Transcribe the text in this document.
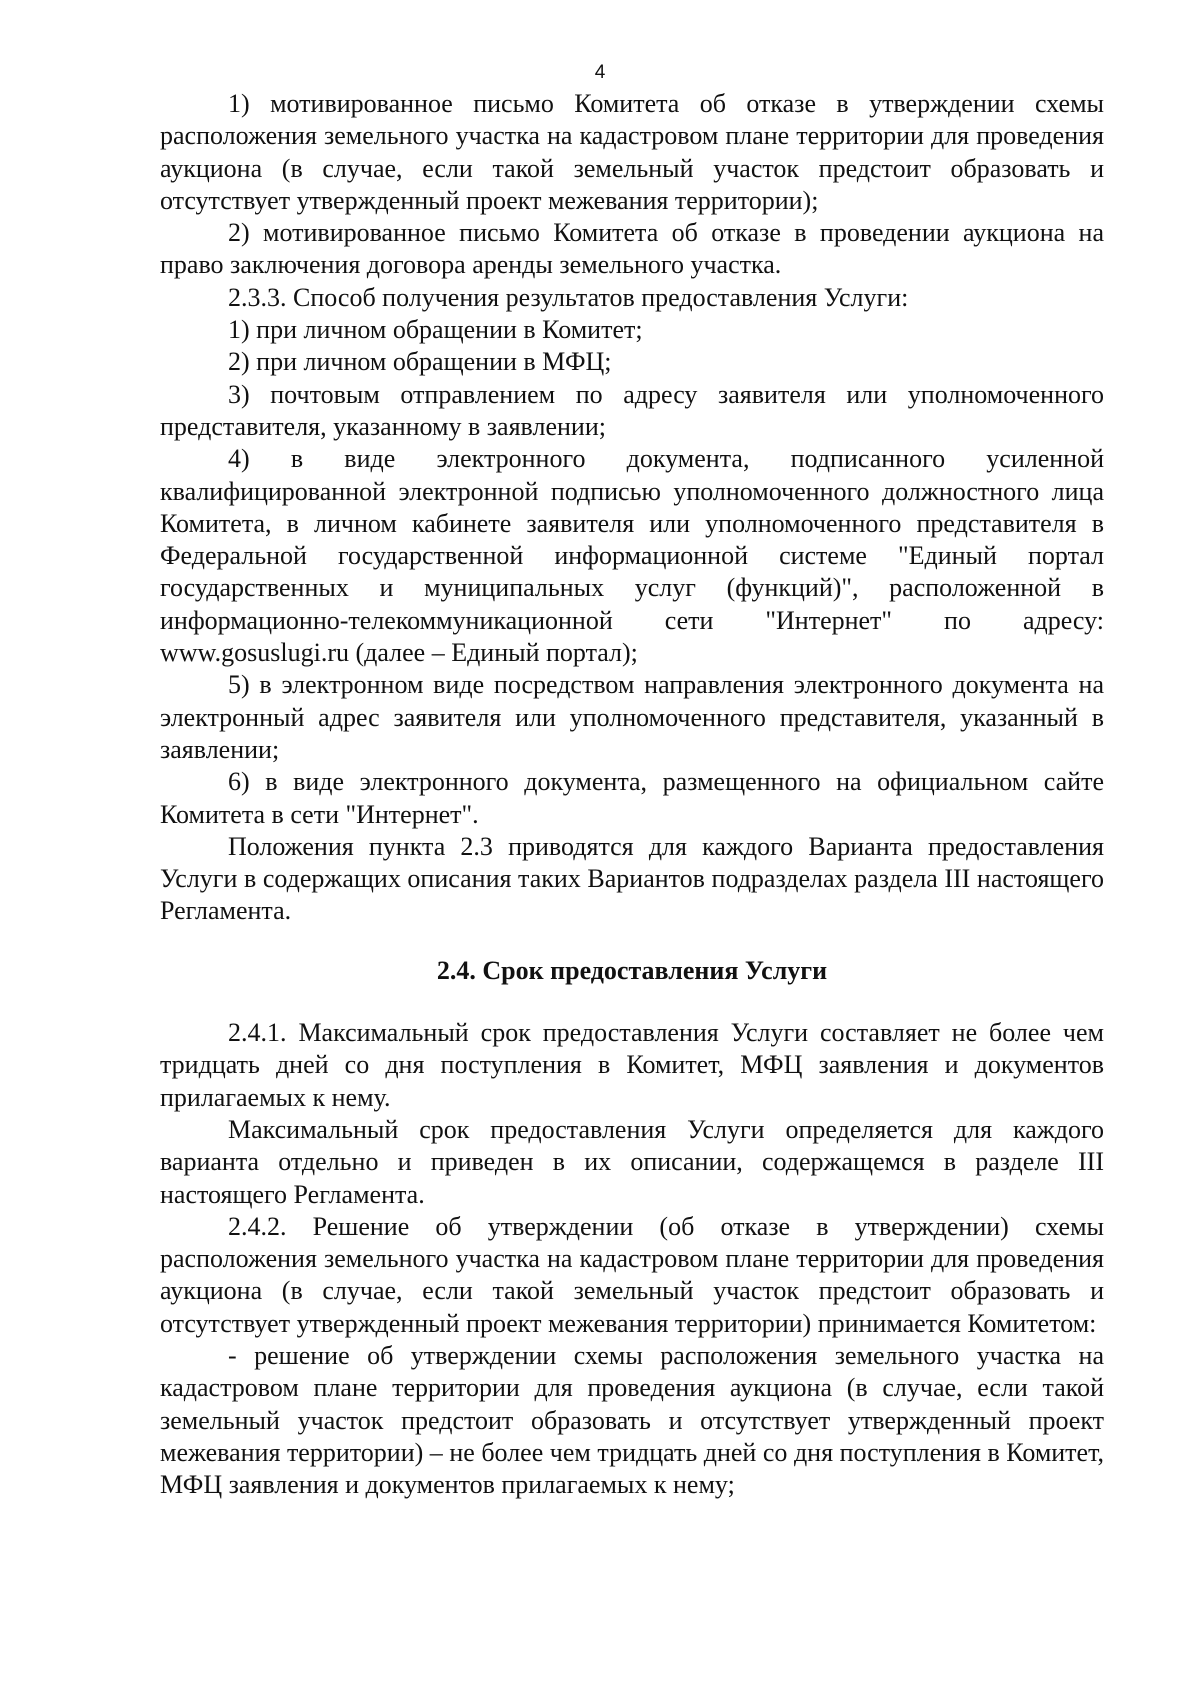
4

1) мотивированное письмо Комитета об отказе в утверждении схемы расположения земельного участка на кадастровом плане территории для проведения аукциона (в случае, если такой земельный участок предстоит образовать и отсутствует утвержденный проект межевания территории);

2) мотивированное письмо Комитета об отказе в проведении аукциона на право заключения договора аренды земельного участка.

2.3.3. Способ получения результатов предоставления Услуги:

1) при личном обращении в Комитет;

2) при личном обращении в МФЦ;

3) почтовым отправлением по адресу заявителя или уполномоченного представителя, указанному в заявлении;

4) в виде электронного документа, подписанного усиленной квалифицированной электронной подписью уполномоченного должностного лица Комитета, в личном кабинете заявителя или уполномоченного представителя в Федеральной государственной информационной системе "Единый портал государственных и муниципальных услуг (функций)", расположенной в информационно-телекоммуникационной сети "Интернет" по адресу: www.gosuslugi.ru (далее – Единый портал);

5) в электронном виде посредством направления электронного документа на электронный адрес заявителя или уполномоченного представителя, указанный в заявлении;

6) в виде электронного документа, размещенного на официальном сайте Комитета в сети "Интернет".

Положения пункта 2.3 приводятся для каждого Варианта предоставления Услуги в содержащих описания таких Вариантов подразделах раздела III настоящего Регламента.

2.4. Срок предоставления Услуги

2.4.1. Максимальный срок предоставления Услуги составляет не более чем тридцать дней со дня поступления в Комитет, МФЦ заявления и документов прилагаемых к нему.

Максимальный срок предоставления Услуги определяется для каждого варианта отдельно и приведен в их описании, содержащемся в разделе III настоящего Регламента.

2.4.2. Решение об утверждении (об отказе в утверждении) схемы расположения земельного участка на кадастровом плане территории для проведения аукциона (в случае, если такой земельный участок предстоит образовать и отсутствует утвержденный проект межевания территории) принимается Комитетом:

- решение об утверждении схемы расположения земельного участка на кадастровом плане территории для проведения аукциона (в случае, если такой земельный участок предстоит образовать и отсутствует утвержденный проект межевания территории) – не более чем тридцать дней со дня поступления в Комитет, МФЦ заявления и документов прилагаемых к нему;
